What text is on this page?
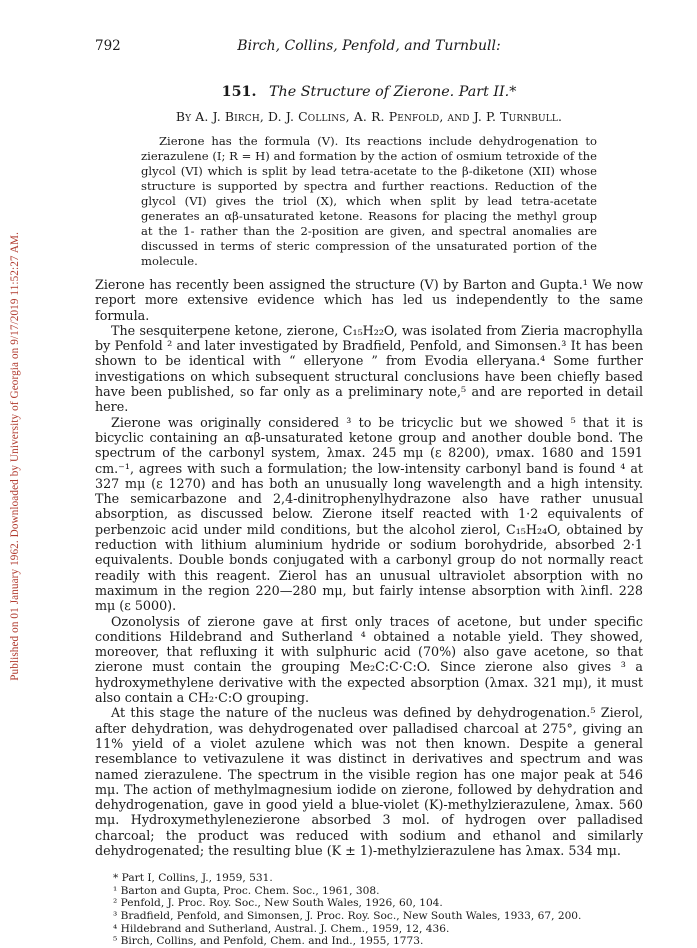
Published on 01 January 1962. Downloaded by University of Georgia on 9/17/2019 11:52:27 AM.
792	Birch, Collins, Penfold, and Turnbull:
151. The Structure of Zierone. Part II.*
By A. J. Birch, D. J. Collins, A. R. Penfold, and J. P. Turnbull.
Zierone has the formula (V). Its reactions include dehydrogenation to zierazulene (I; R = H) and formation by the action of osmium tetroxide of the glycol (VI) which is split by lead tetra-acetate to the β-diketone (XII) whose structure is supported by spectra and further reactions. Reduction of the glycol (VI) gives the triol (X), which when split by lead tetra-acetate generates an αβ-unsaturated ketone. Reasons for placing the methyl group at the 1- rather than the 2-position are given, and spectral anomalies are discussed in terms of steric compression of the unsaturated portion of the molecule.

Zierone has recently been assigned the structure (V) by Barton and Gupta.¹ We now report more extensive evidence which has led us independently to the same formula.

The sesquiterpene ketone, zierone, C₁₅H₂₂O, was isolated from Zieria macrophylla by Penfold ² and later investigated by Bradfield, Penfold, and Simonsen.³ It has been shown to be identical with “ elleryone ” from Evodia elleryana.⁴ Some further investigations on which subsequent structural conclusions have been chiefly based have been published, so far only as a preliminary note,⁵ and are reported in detail here.

Zierone was originally considered ³ to be tricyclic but we showed ⁵ that it is bicyclic containing an αβ-unsaturated ketone group and another double bond. The spectrum of the carbonyl system, λmax. 245 mμ (ε 8200), νmax. 1680 and 1591 cm.⁻¹, agrees with such a formulation; the low-intensity carbonyl band is found ⁴ at 327 mμ (ε 1270) and has both an unusually long wavelength and a high intensity. The semicarbazone and 2,4-dinitrophenylhydrazone also have rather unusual absorption, as discussed below. Zierone itself reacted with 1·2 equivalents of perbenzoic acid under mild conditions, but the alcohol zierol, C₁₅H₂₄O, obtained by reduction with lithium aluminium hydride or sodium borohydride, absorbed 2·1 equivalents. Double bonds conjugated with a carbonyl group do not normally react readily with this reagent. Zierol has an unusual ultraviolet absorption with no maximum in the region 220—280 mμ, but fairly intense absorption with λinfl. 228 mμ (ε 5000).

Ozonolysis of zierone gave at first only traces of acetone, but under specific conditions Hildebrand and Sutherland ⁴ obtained a notable yield. They showed, moreover, that refluxing it with sulphuric acid (70%) also gave acetone, so that zierone must contain the grouping Me₂C:C·C:O. Since zierone also gives ³ a hydroxymethylene derivative with the expected absorption (λmax. 321 mμ), it must also contain a CH₂·C:O grouping.

At this stage the nature of the nucleus was defined by dehydrogenation.⁵ Zierol, after dehydration, was dehydrogenated over palladised charcoal at 275°, giving an 11% yield of a violet azulene which was not then known. Despite a general resemblance to vetivazulene it was distinct in derivatives and spectrum and was named zierazulene. The spectrum in the visible region has one major peak at 546 mμ. The action of methylmagnesium iodide on zierone, followed by dehydration and dehydrogenation, gave in good yield a blue-violet (K)-methylzierazulene, λmax. 560 mμ. Hydroxymethylenezierone absorbed 3 mol. of hydrogen over palladised charcoal; the product was reduced with sodium and ethanol and similarly dehydrogenated; the resulting blue (K ± 1)-methylzierazulene has λmax. 534 mμ.

* Part I, Collins, J., 1959, 531.
¹ Barton and Gupta, Proc. Chem. Soc., 1961, 308.
² Penfold, J. Proc. Roy. Soc., New South Wales, 1926, 60, 104.
³ Bradfield, Penfold, and Simonsen, J. Proc. Roy. Soc., New South Wales, 1933, 67, 200.
⁴ Hildebrand and Sutherland, Austral. J. Chem., 1959, 12, 436.
⁵ Birch, Collins, and Penfold, Chem. and Ind., 1955, 1773.
